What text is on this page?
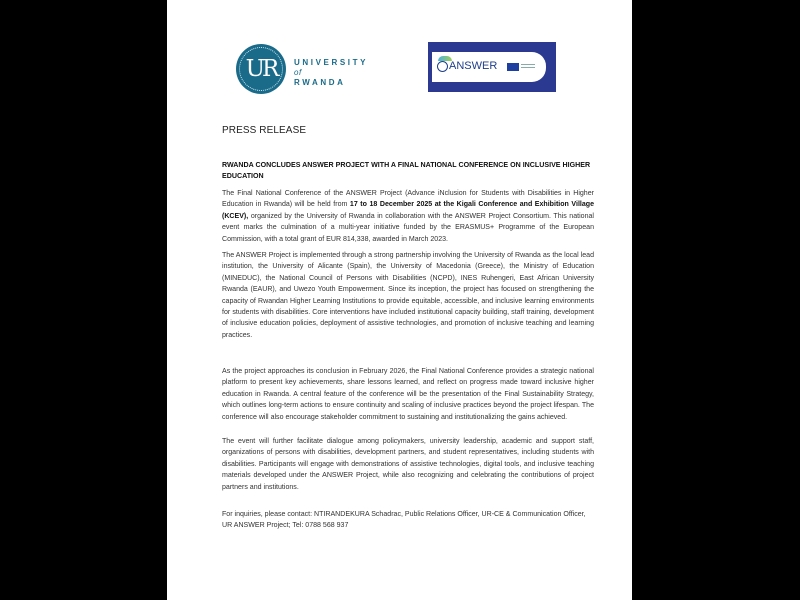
UR	UNIVERSITY of
RWANDA
ANSWER
PRESS RELEASE
RWANDA CONCLUDES ANSWER PROJECT WITH A FINAL NATIONAL CONFERENCE ON INCLUSIVE HIGHER EDUCATION
The Final National Conference of the ANSWER Project (Advance iNclusion for Students with Disabilities in Higher Education in Rwanda) will be held from 17 to 18 December 2025 at the Kigali Conference and Exhibition Village (KCEV), organized by the University of Rwanda in collaboration with the ANSWER Project Consortium. This national event marks the culmination of a multi-year initiative funded by the ERASMUS+ Programme of the European Commission, with a total grant of EUR 814,338, awarded in March 2023.
The ANSWER Project is implemented through a strong partnership involving the University of Rwanda as the local lead institution, the University of Alicante (Spain), the University of Macedonia (Greece), the Ministry of Education (MINEDUC), the National Council of Persons with Disabilities (NCPD), INES Ruhengeri, East African University Rwanda (EAUR), and Uwezo Youth Empowerment. Since its inception, the project has focused on strengthening the capacity of Rwandan Higher Learning Institutions to provide equitable, accessible, and inclusive learning environments for students with disabilities. Core interventions have included institutional capacity building, staff training, development of inclusive education policies, deployment of assistive technologies, and promotion of inclusive teaching and learning practices.
As the project approaches its conclusion in February 2026, the Final National Conference provides a strategic national platform to present key achievements, share lessons learned, and reflect on progress made toward inclusive higher education in Rwanda. A central feature of the conference will be the presentation of the Final Sustainability Strategy, which outlines long-term actions to ensure continuity and scaling of inclusive practices beyond the project lifespan. The conference will also encourage stakeholder commitment to sustaining and institutionalizing the gains achieved.
The event will further facilitate dialogue among policymakers, university leadership, academic and support staff, organizations of persons with disabilities, development partners, and student representatives, including students with disabilities. Participants will engage with demonstrations of assistive technologies, digital tools, and inclusive teaching materials developed under the ANSWER Project, while also recognizing and celebrating the contributions of project partners and institutions.
For inquiries, please contact: NTIRANDEKURA Schadrac, Public Relations Officer, UR-CE & Communication Officer, UR ANSWER Project; Tel: 0788 568 937
